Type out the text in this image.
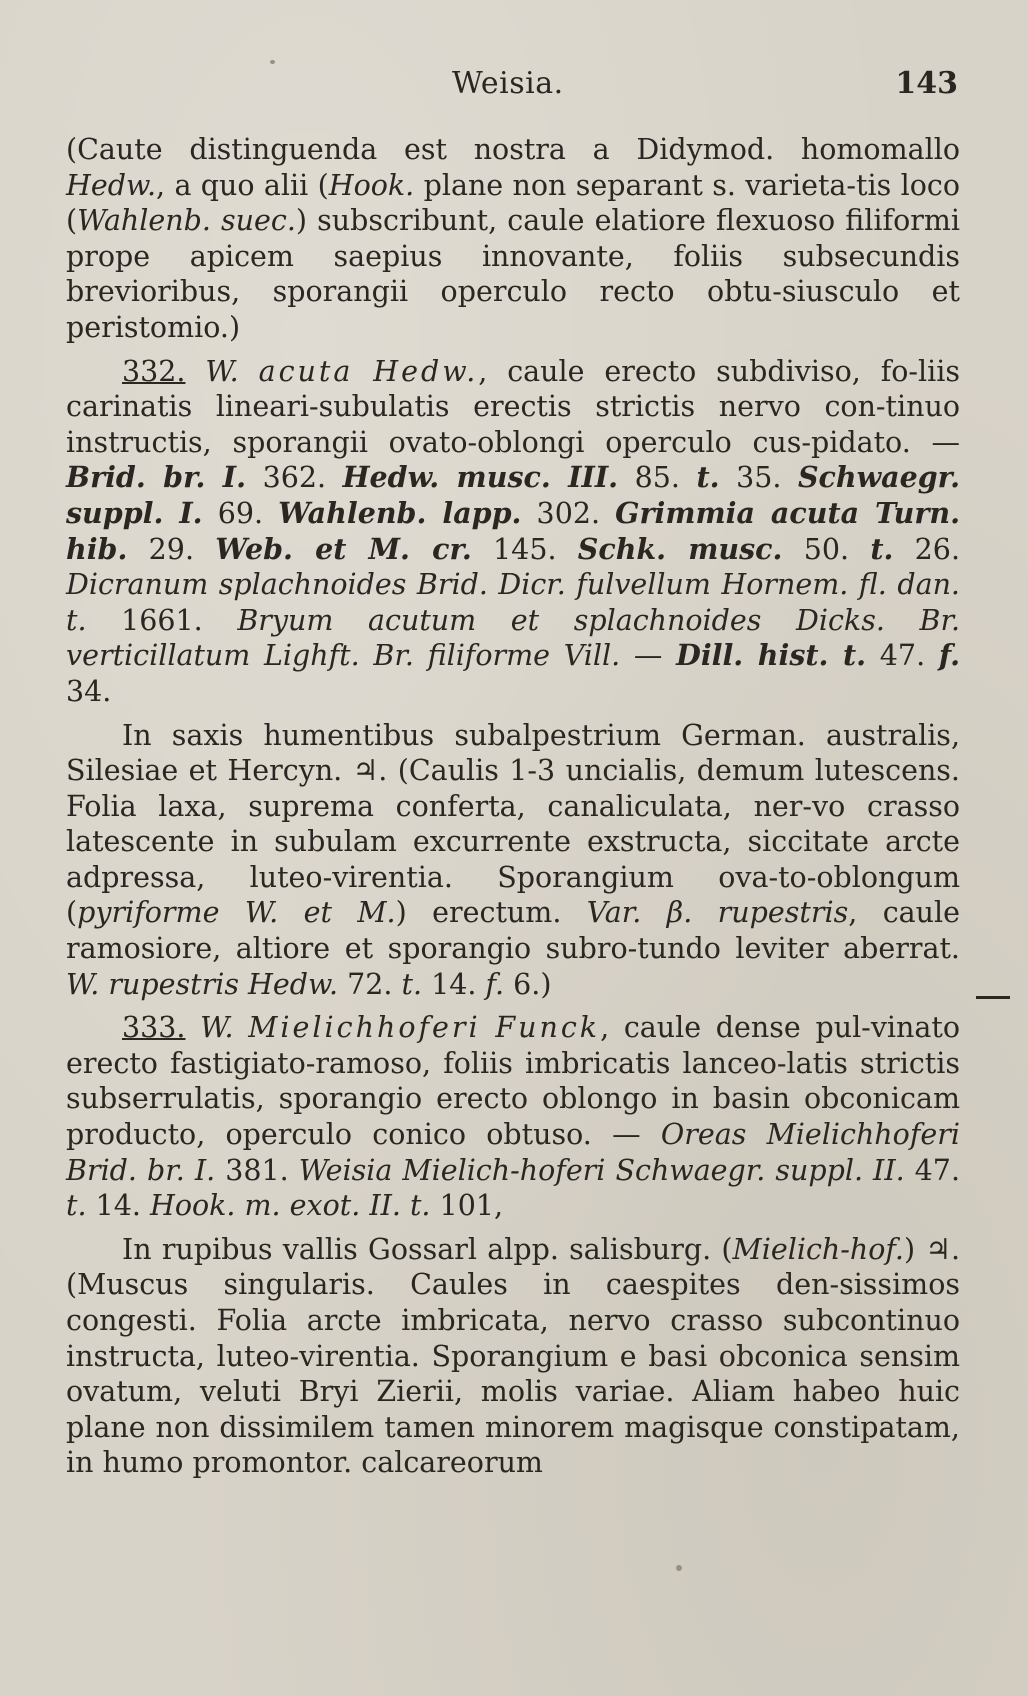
Weisia.	143

(Caute distinguenda est nostra a Didymod. homomallo Hedw., a quo alii (Hook. plane non separant s. varieta-tis loco (Wahlenb. suec.) subscribunt, caule elatiore flexuoso filiformi prope apicem saepius innovante, foliis subsecundis brevioribus, sporangii operculo recto obtu-siusculo et peristomio.)

332. W. acuta Hedw., caule erecto subdiviso, fo-liis carinatis lineari-subulatis erectis strictis nervo con-tinuo instructis, sporangii ovato-oblongi operculo cus-pidato. — Brid. br. I. 362. Hedw. musc. III. 85. t. 35. Schwaegr. suppl. I. 69. Wahlenb. lapp. 302. Grimmia acuta Turn. hib. 29. Web. et M. cr. 145. Schk. musc. 50. t. 26. Dicranum splachnoides Brid. Dicr. fulvellum Hornem. fl. dan. t. 1661. Bryum acutum et splachnoides Dicks. Br. verticillatum Lighft. Br. filiforme Vill. — Dill. hist. t. 47. f. 34.

In saxis humentibus subalpestrium German. australis, Silesiae et Hercyn. ♃. (Caulis 1-3 uncialis, demum lutescens. Folia laxa, suprema conferta, canaliculata, ner-vo crasso latescente in subulam excurrente exstructa, siccitate arcte adpressa, luteo-virentia. Sporangium ova-to-oblongum (pyriforme W. et M.) erectum. Var. β. rupestris, caule ramosiore, altiore et sporangio subro-tundo leviter aberrat. W. rupestris Hedw. 72. t. 14. f. 6.)

333. W. Mielichhoferi Funck, caule dense pul-vinato erecto fastigiato-ramoso, foliis imbricatis lanceo-latis strictis subserrulatis, sporangio erecto oblongo in basin obconicam producto, operculo conico obtuso. — Oreas Mielichhoferi Brid. br. I. 381. Weisia Mielich-hoferi Schwaegr. suppl. II. 47. t. 14. Hook. m. exot. II. t. 101,

In rupibus vallis Gossarl alpp. salisburg. (Mielich-hof.) ♃. (Muscus singularis. Caules in caespites den-sissimos congesti. Folia arcte imbricata, nervo crasso subcontinuo instructa, luteo-virentia. Sporangium e basi obconica sensim ovatum, veluti Bryi Zierii, molis variae. Aliam habeo huic plane non dissimilem tamen minorem magisque constipatam, in humo promontor. calcareorum
